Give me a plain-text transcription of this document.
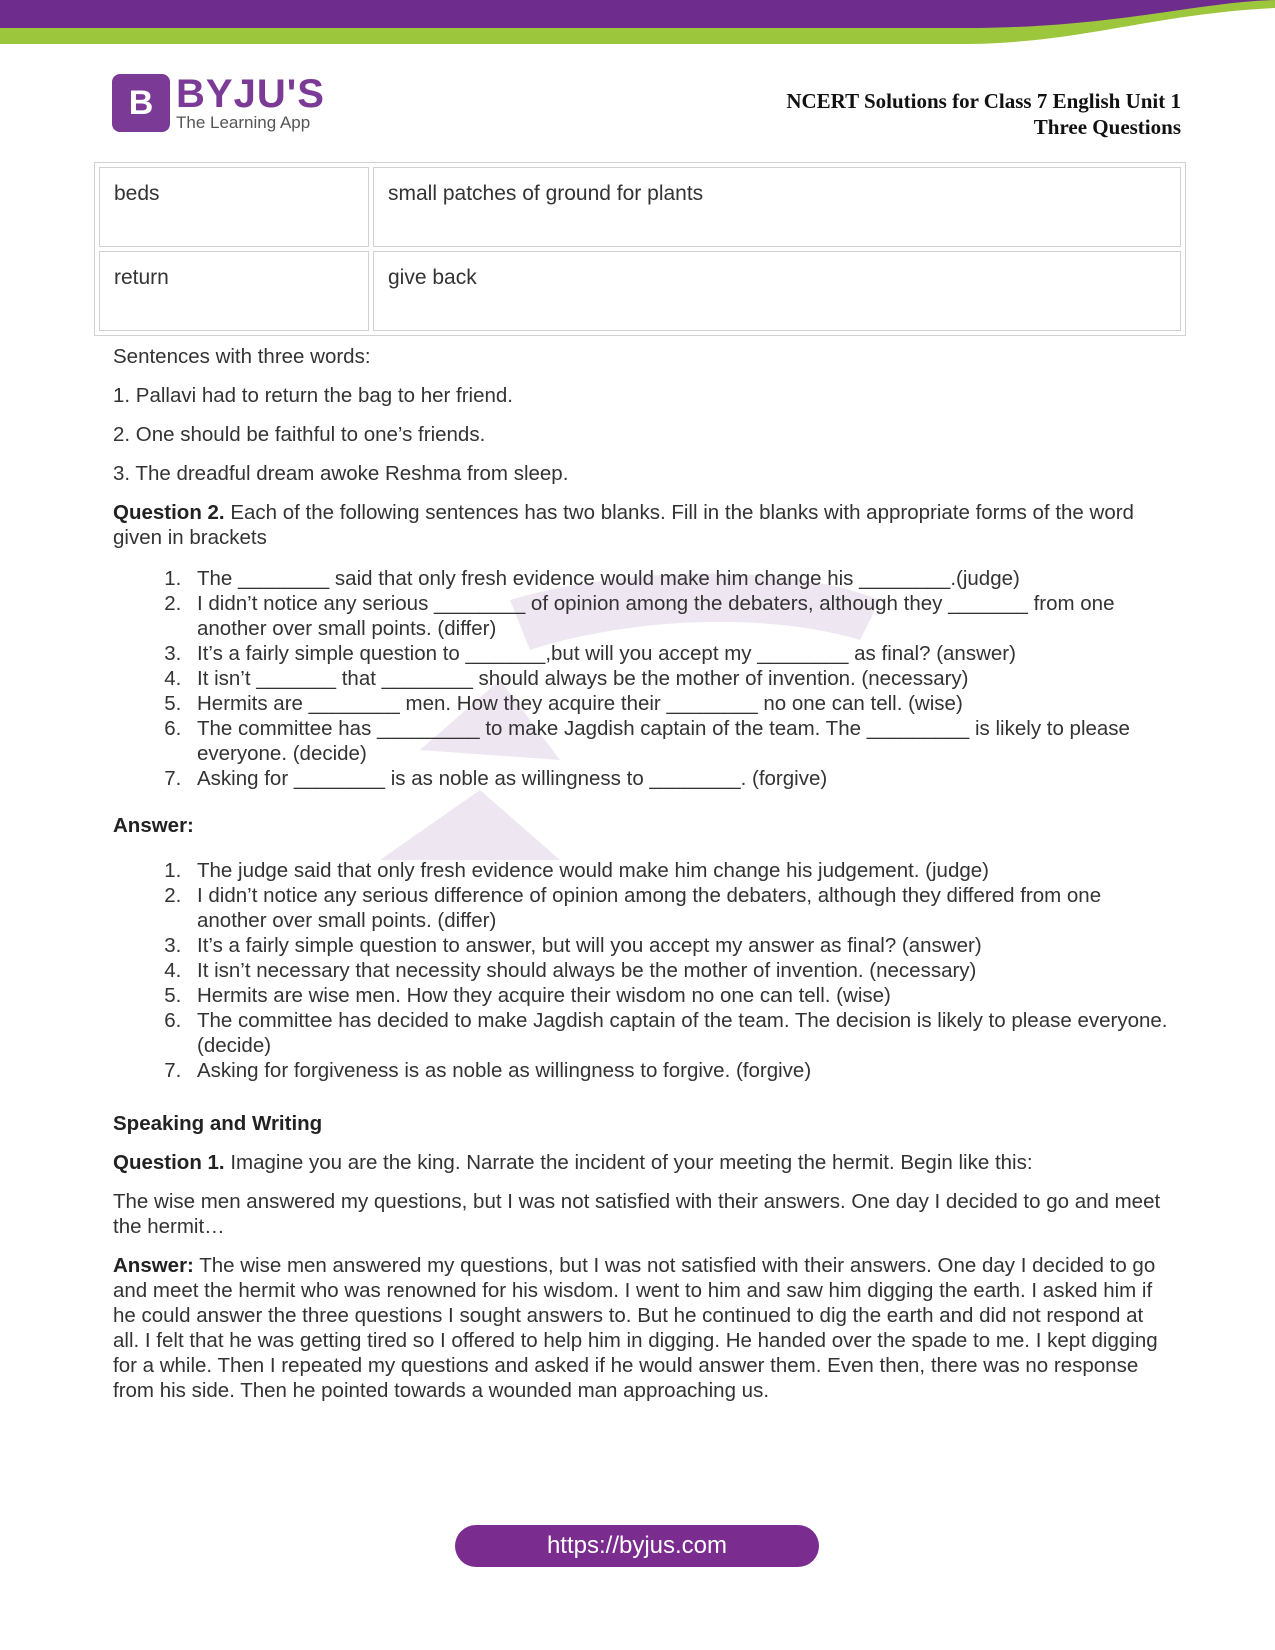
B BYJU'S
The Learning App
NCERT Solutions for Class 7 English Unit 1
Three Questions
beds	small patches of ground for plants
return	give back

Sentences with three words:

1. Pallavi had to return the bag to her friend.

2. One should be faithful to one’s friends.

3. The dreadful dream awoke Reshma from sleep.

Question 2. Each of the following sentences has two blanks. Fill in the blanks with appropriate forms of the word given in brackets

1. The ________ said that only fresh evidence would make him change his ________.(judge)
2. I didn’t notice any serious ________ of opinion among the debaters, although they _______ from one another over small points. (differ)
3. It’s a fairly simple question to _______,but will you accept my ________ as final? (answer)
4. It isn’t _______ that ________ should always be the mother of invention. (necessary)
5. Hermits are ________ men. How they acquire their ________ no one can tell. (wise)
6. The committee has _________ to make Jagdish captain of the team. The _________ is likely to please everyone. (decide)
7. Asking for ________ is as noble as willingness to ________. (forgive)

Answer:

1. The judge said that only fresh evidence would make him change his judgement. (judge)
2. I didn’t notice any serious difference of opinion among the debaters, although they differed from one another over small points. (differ)
3. It’s a fairly simple question to answer, but will you accept my answer as final? (answer)
4. It isn’t necessary that necessity should always be the mother of invention. (necessary)
5. Hermits are wise men. How they acquire their wisdom no one can tell. (wise)
6. The committee has decided to make Jagdish captain of the team. The decision is likely to please everyone. (decide)
7. Asking for forgiveness is as noble as willingness to forgive. (forgive)

Speaking and Writing

Question 1. Imagine you are the king. Narrate the incident of your meeting the hermit. Begin like this:

The wise men answered my questions, but I was not satisfied with their answers. One day I decided to go and meet the hermit…

Answer: The wise men answered my questions, but I was not satisfied with their answers. One day I decided to go and meet the hermit who was renowned for his wisdom. I went to him and saw him digging the earth. I asked him if he could answer the three questions I sought answers to. But he continued to dig the earth and did not respond at all. I felt that he was getting tired so I offered to help him in digging. He handed over the spade to me. I kept digging for a while. Then I repeated my questions and asked if he would answer them. Even then, there was no response from his side. Then he pointed towards a wounded man approaching us.

https://byjus.com
